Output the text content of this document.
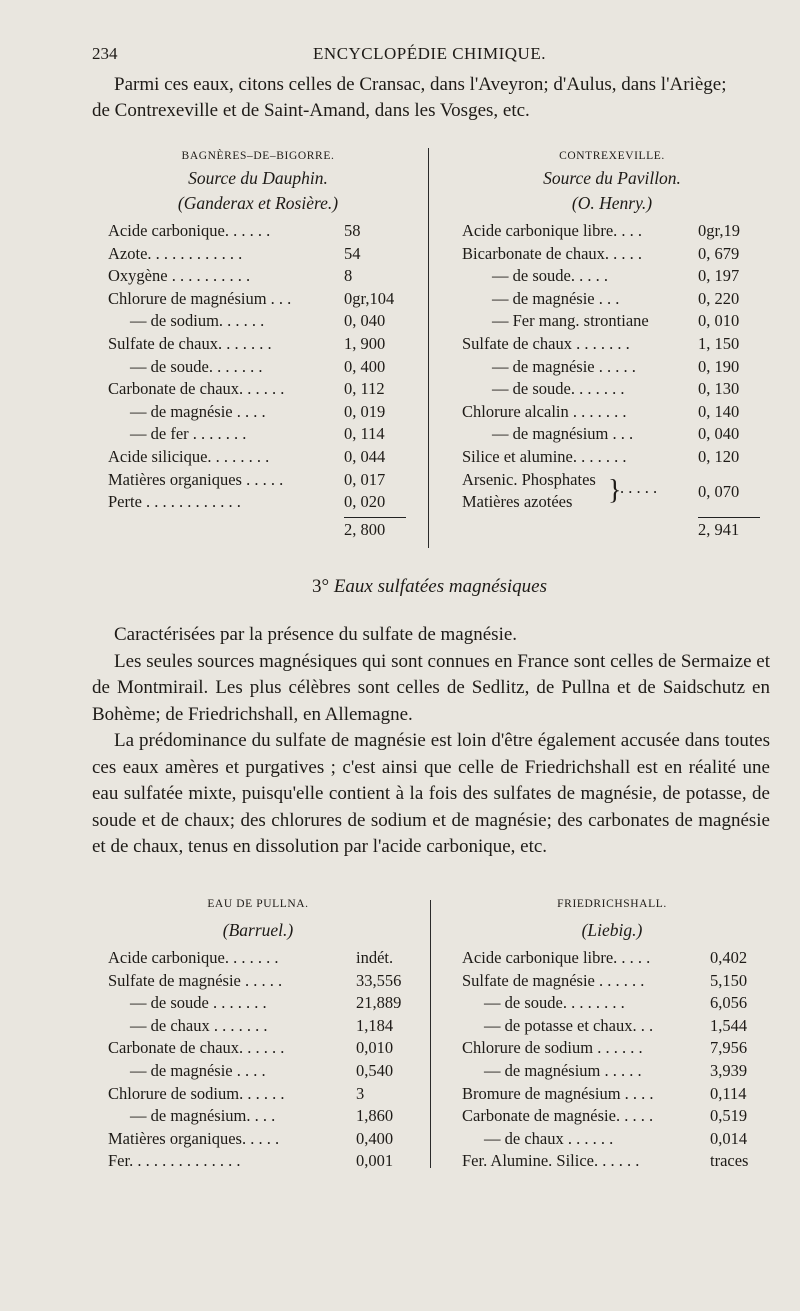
234	ENCYCLOPÉDIE CHIMIQUE.
Parmi ces eaux, citons celles de Cransac, dans l'Aveyron; d'Aulus, dans l'Ariège;
de Contrexeville et de Saint-Amand, dans les Vosges, etc.
BAGNÈRES–DE–BIGORRE.
Source du Dauphin.
(Ganderax et Rosière.)
Acide carbonique. . . . . .	58
Azote. . . . . . . . . . . .	54
Oxygène . . . . . . . . . .	8
Chlorure de magnésium . . .	0gr,104
— de sodium. . . . . .	0, 040
Sulfate de chaux. . . . . . .	1, 900
— de soude. . . . . . .	0, 400
Carbonate de chaux. . . . . .	0, 112
— de magnésie . . . .	0, 019
— de fer . . . . . . .	0, 114
Acide silicique. . . . . . . .	0, 044
Matières organiques . . . . .	0, 017
Perte . . . . . . . . . . . .	0, 020
2, 800
CONTREXEVILLE.
Source du Pavillon.
(O. Henry.)
Acide carbonique libre. . . .	0gr,19
Bicarbonate de chaux. . . . .	0, 679
— de soude. . . . .	0, 197
— de magnésie . . .	0, 220
— Fer mang. strontiane	0, 010
Sulfate de chaux . . . . . . .	1, 150
— de magnésie . . . . .	0, 190
— de soude. . . . . . .	0, 130
Chlorure alcalin . . . . . . .	0, 140
— de magnésium . . .	0, 040
Silice et alumine. . . . . . .	0, 120
Arsenic. Phosphates
Matières azotées }
. . . . . 0, 070
2, 941
3° Eaux sulfatées magnésiques

Caractérisées par la présence du sulfate de magnésie.

Les seules sources magnésiques qui sont connues en France sont celles de Sermaize et de Montmirail. Les plus célèbres sont celles de Sedlitz, de Pullna et de Saidschutz en Bohème; de Friedrichshall, en Allemagne.

La prédominance du sulfate de magnésie est loin d'être également accusée dans toutes ces eaux amères et purgatives ; c'est ainsi que celle de Friedrichshall est en réalité une eau sulfatée mixte, puisqu'elle contient à la fois des sulfates de magnésie, de potasse, de soude et de chaux; des chlorures de sodium et de magnésie; des carbonates de magnésie et de chaux, tenus en dissolution par l'acide carbonique, etc.

EAU DE PULLNA.
(Barruel.)
Acide carbonique. . . . . . .	indét.
Sulfate de magnésie . . . . .	33,556
— de soude . . . . . . .	21,889
— de chaux . . . . . . .	1,184
Carbonate de chaux. . . . . .	0,010
— de magnésie . . . .	0,540
Chlorure de sodium. . . . . .	3
— de magnésium. . . .	1,860
Matières organiques. . . . .	0,400
Fer. . . . . . . . . . . . . .	0,001
FRIEDRICHSHALL.
(Liebig.)
Acide carbonique libre. . . . .	0,402
Sulfate de magnésie . . . . . .	5,150
— de soude. . . . . . . .	6,056
— de potasse et chaux. . .	1,544
Chlorure de sodium . . . . . .	7,956
— de magnésium . . . . .	3,939
Bromure de magnésium . . . .	0,114
Carbonate de magnésie. . . . .	0,519
— de chaux . . . . . .	0,014
Fer. Alumine. Silice. . . . . .	traces
